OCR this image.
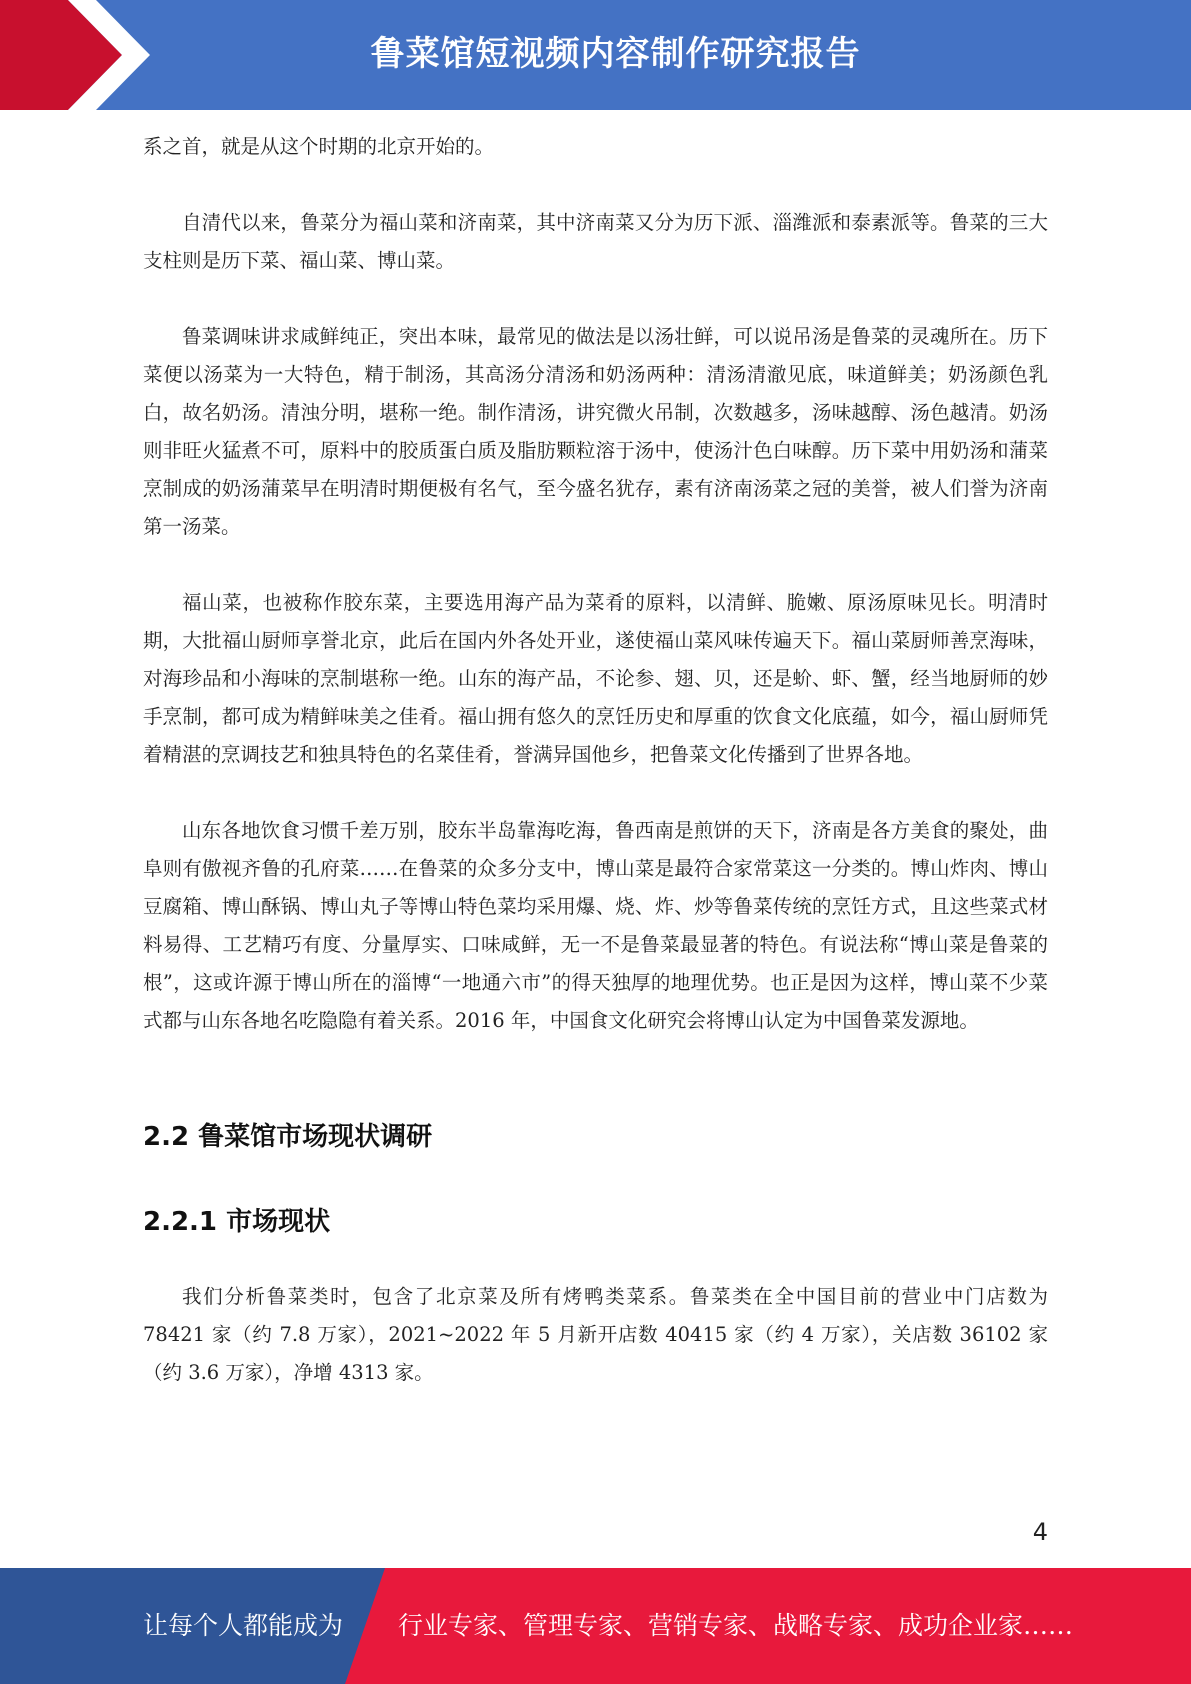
鲁菜馆短视频内容制作研究报告

系之首，就是从这个时期的北京开始的。

自清代以来，鲁菜分为福山菜和济南菜，其中济南菜又分为历下派、淄潍派和泰素派等。鲁菜的三大支柱则是历下菜、福山菜、博山菜。

鲁菜调味讲求咸鲜纯正，突出本味，最常见的做法是以汤壮鲜，可以说吊汤是鲁菜的灵魂所在。历下菜便以汤菜为一大特色，精于制汤，其高汤分清汤和奶汤两种：清汤清澈见底，味道鲜美；奶汤颜色乳白，故名奶汤。清浊分明，堪称一绝。制作清汤，讲究微火吊制，次数越多，汤味越醇、汤色越清。奶汤则非旺火猛煮不可，原料中的胶质蛋白质及脂肪颗粒溶于汤中，使汤汁色白味醇。历下菜中用奶汤和蒲菜烹制成的奶汤蒲菜早在明清时期便极有名气，至今盛名犹存，素有济南汤菜之冠的美誉，被人们誉为济南第一汤菜。

福山菜，也被称作胶东菜，主要选用海产品为菜肴的原料，以清鲜、脆嫩、原汤原味见长。明清时期，大批福山厨师享誉北京，此后在国内外各处开业，遂使福山菜风味传遍天下。福山菜厨师善烹海味，对海珍品和小海味的烹制堪称一绝。山东的海产品，不论参、翅、贝，还是蚧、虾、蟹，经当地厨师的妙手烹制，都可成为精鲜味美之佳肴。福山拥有悠久的烹饪历史和厚重的饮食文化底蕴，如今，福山厨师凭着精湛的烹调技艺和独具特色的名菜佳肴，誉满异国他乡，把鲁菜文化传播到了世界各地。

山东各地饮食习惯千差万别，胶东半岛靠海吃海，鲁西南是煎饼的天下，济南是各方美食的聚处，曲阜则有傲视齐鲁的孔府菜……在鲁菜的众多分支中，博山菜是最符合家常菜这一分类的。博山炸肉、博山豆腐箱、博山酥锅、博山丸子等博山特色菜均采用爆、烧、炸、炒等鲁菜传统的烹饪方式，且这些菜式材料易得、工艺精巧有度、分量厚实、口味咸鲜，无一不是鲁菜最显著的特色。有说法称“博山菜是鲁菜的根”，这或许源于博山所在的淄博“一地通六市”的得天独厚的地理优势。也正是因为这样，博山菜不少菜式都与山东各地名吃隐隐有着关系。2016 年，中国食文化研究会将博山认定为中国鲁菜发源地。

2.2 鲁菜馆市场现状调研
2.2.1 市场现状

我们分析鲁菜类时，包含了北京菜及所有烤鸭类菜系。鲁菜类在全中国目前的营业中门店数为 78421 家（约 7.8 万家），2021~2022 年 5 月新开店数 40415 家（约 4 万家），关店数 36102 家（约 3.6 万家），净增 4313 家。

4
让每个人都能成为 行业专家、管理专家、营销专家、战略专家、成功企业家……
